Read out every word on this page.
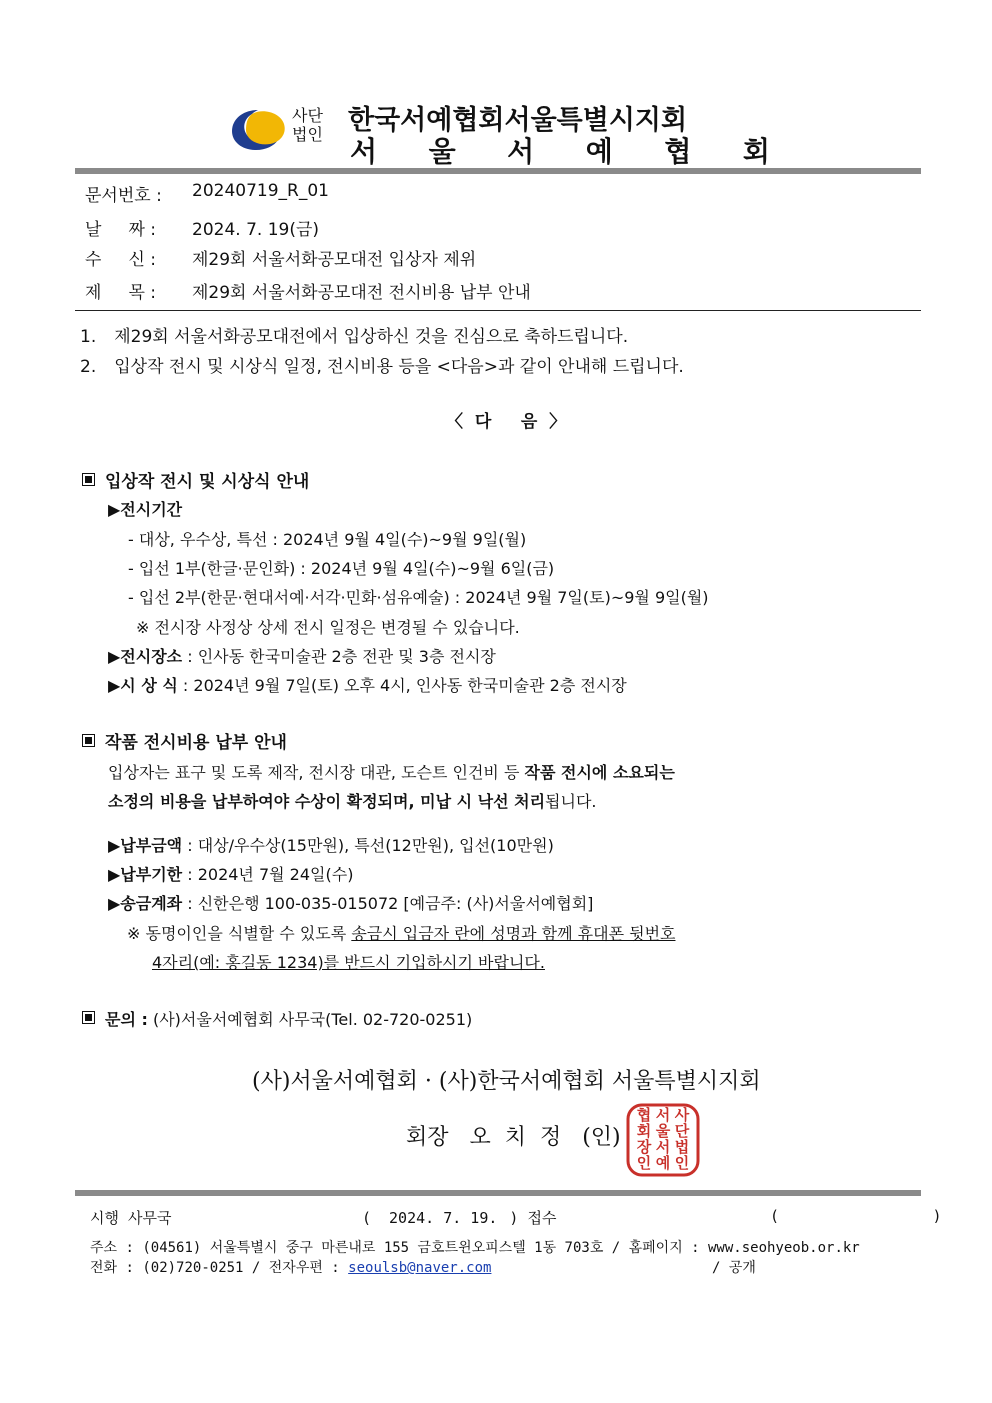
사단
법인 한국서예협회서울특별시지회
서 울 서 예 협 회
문서번호 : 20240719_R_01
날     짜 : 2024. 7. 19(금)
수     신 : 제29회 서울서화공모대전 입상자 제위
제     목 : 제29회 서울서화공모대전 전시비용 납부 안내
1. 제29회 서울서화공모대전에서 입상하신 것을 진심으로 축하드립니다.
2. 입상작 전시 및 시상식 일정, 전시비용 등을 <다음>과 같이 안내해 드립니다.
〈  다     음  〉
입상작 전시 및 시상식 안내
▶전시기간
- 대상, 우수상, 특선 : 2024년 9월 4일(수)~9월 9일(월)
- 입선 1부(한글·문인화) : 2024년 9월 4일(수)~9월 6일(금)
- 입선 2부(한문·현대서예·서각·민화·섬유예술) : 2024년 9월 7일(토)~9월 9일(월)
※ 전시장 사정상 상세 전시 일정은 변경될 수 있습니다.
▶전시장소 : 인사동 한국미술관 2층 전관 및 3층 전시장
▶시 상 식 : 2024년 9월 7일(토) 오후 4시, 인사동 한국미술관 2층 전시장
작품 전시비용 납부 안내
입상자는 표구 및 도록 제작, 전시장 대관, 도슨트 인건비 등 작품 전시에 소요되는
소정의 비용을 납부하여야 수상이 확정되며, 미납 시 낙선 처리됩니다.
▶납부금액 : 대상/우수상(15만원), 특선(12만원), 입선(10만원)
▶납부기한 : 2024년 7월 24일(수)
▶송금계좌 : 신한은행 100-035-015072 [예금주: (사)서울서예협회]
※ 동명이인을 식별할 수 있도록 송금시 입금자 란에 성명과 함께 휴대폰 뒷번호
4자리(예: 홍길동 1234)를 반드시 기입하시기 바랍니다.
문의 : (사)서울서예협회 사무국(Tel. 02-720-0251)
(사)서울서예협회 · (사)한국서예협회 서울특별시지회
회장   오  치  정   (인)
사
단
법
인
서
울
서
예
협
회
장
인
시행 사무국	( 2024. 7. 19. ) 접수	(                 )
주소 : (04561) 서울특별시 중구 마른내로 155 금호트윈오피스텔 1동 703호 / 홈페이지 : www.seohyeob.or.kr
전화 : (02)720-0251 / 전자우편 : seoulsb@naver.com	/ 공개
